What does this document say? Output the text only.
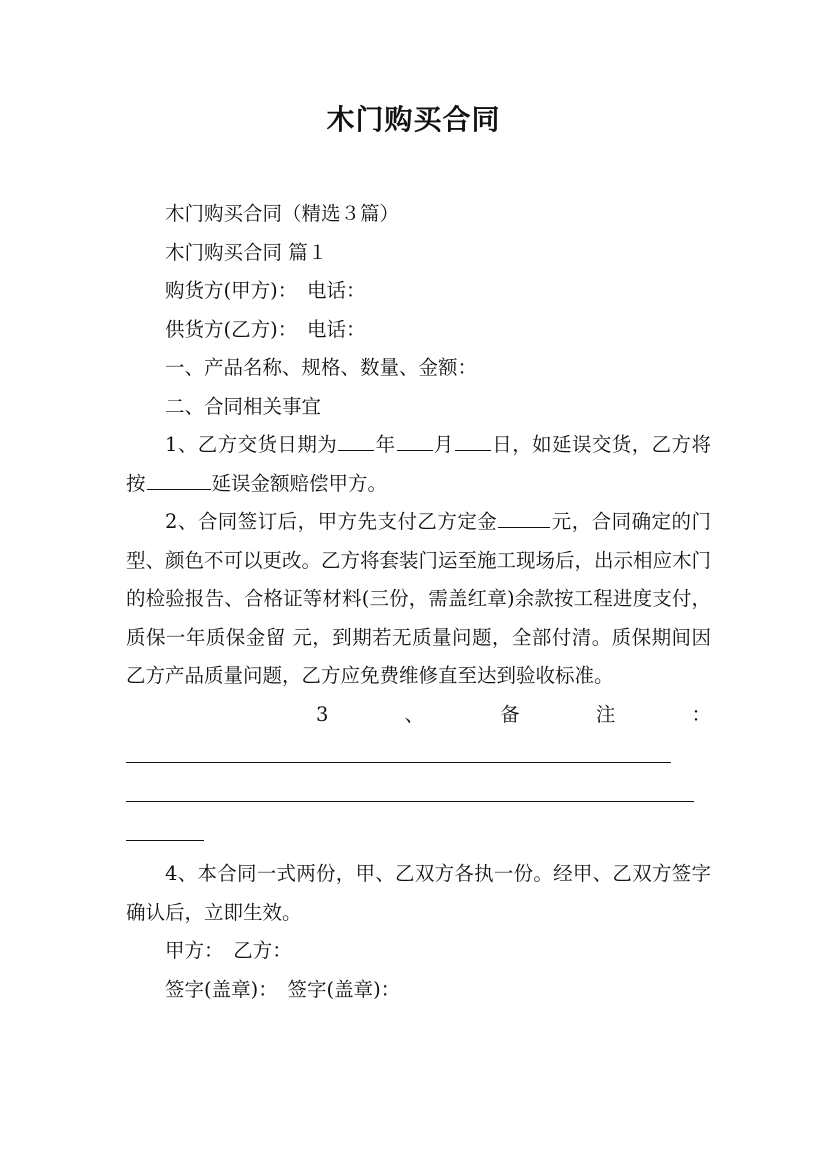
木门购买合同

木门购买合同（精选３篇）

木门购买合同 篇１

购货方(甲方)：　电话：

供货方(乙方)：　电话：

一、产品名称、规格、数量、金额：

二、合同相关事宜

1、乙方交货日期为 年 月 日，如延误交货，乙方将按	延误金额赔偿甲方。

2、合同签订后，甲方先支付乙方定金	元，合同确定的门型、颜色不可以更改。乙方将套装门运至施工现场后，出示相应木门的检验报告、合格证等材料(三份，需盖红章)余款按工程进度支付，质保一年质保金留 元，到期若无质量问题，全部付清。质保期间因乙方产品质量问题，乙方应免费维修直至达到验收标准。

3	、	备	注	：

4、本合同一式两份，甲、乙双方各执一份。经甲、乙双方签字确认后，立即生效。

甲方：　乙方：

签字(盖章)：　签字(盖章)：
